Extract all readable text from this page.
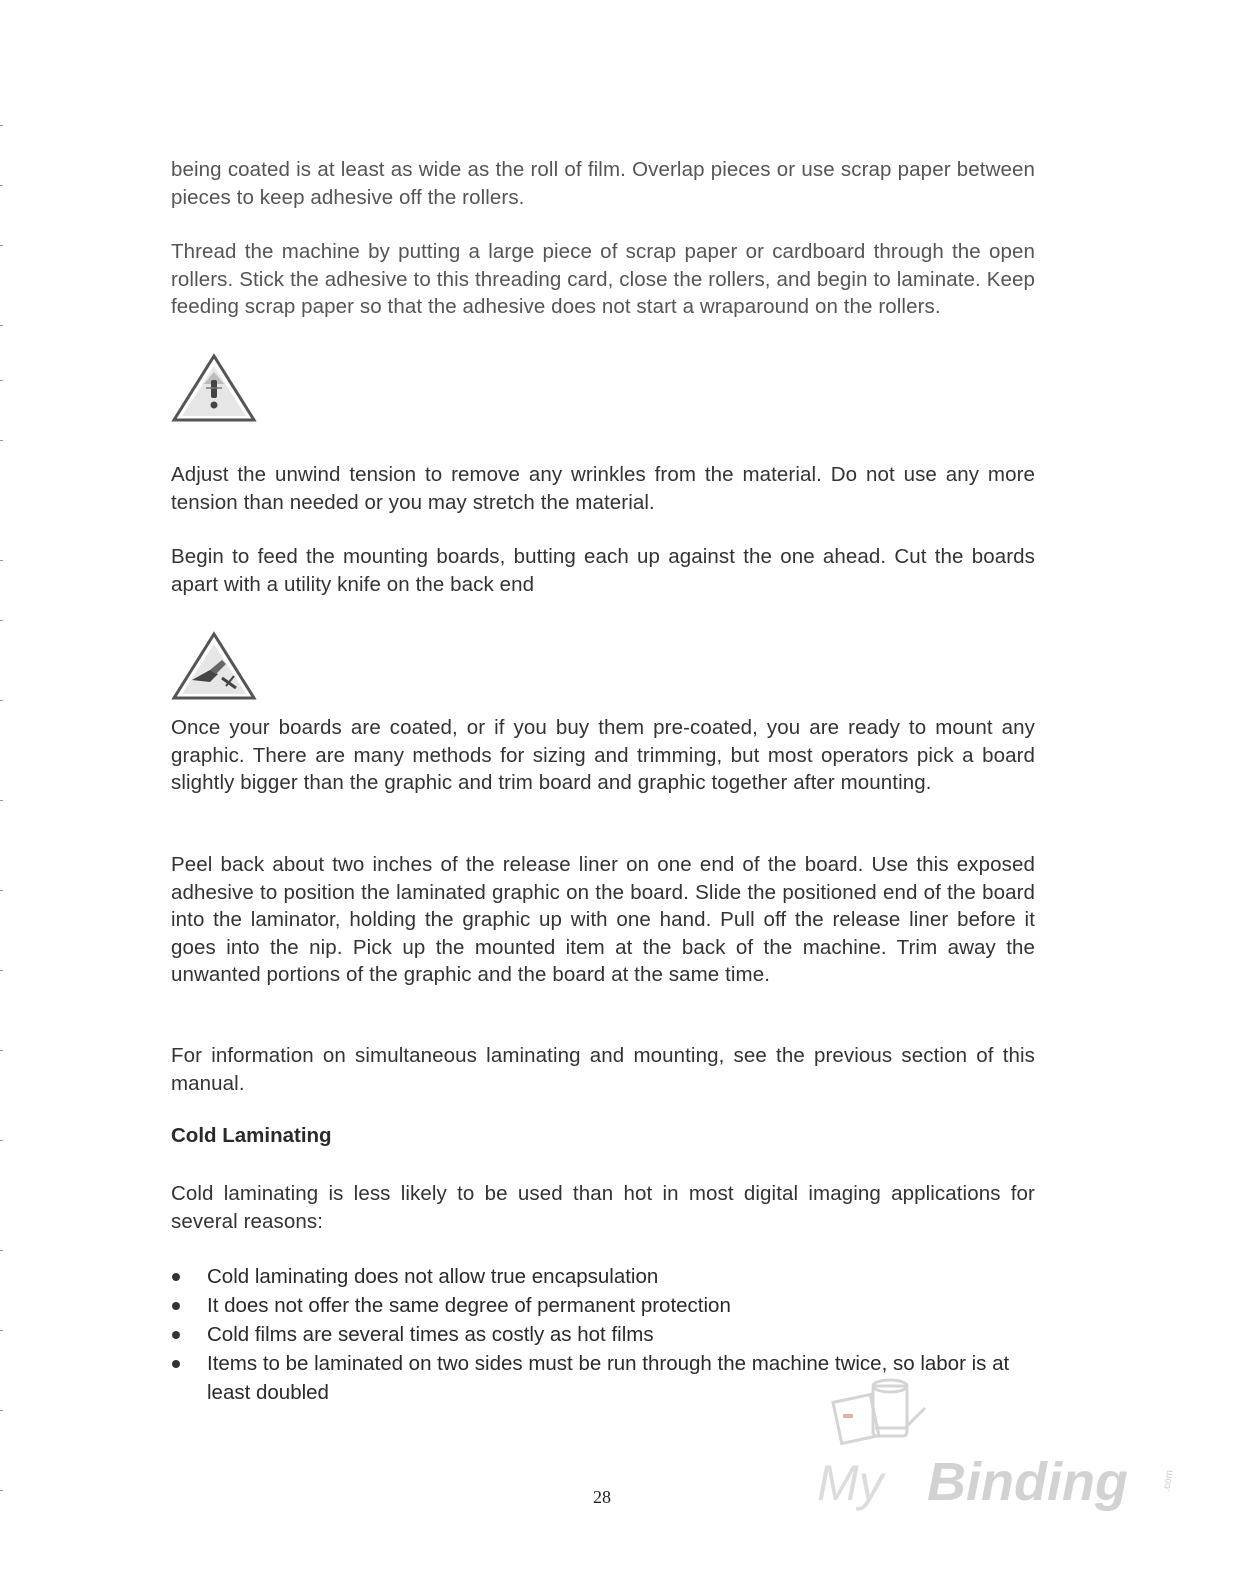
being coated is at least as wide as the roll of film. Overlap pieces or use scrap paper between pieces to keep adhesive off the rollers.

Thread the machine by putting a large piece of scrap paper or cardboard through the open rollers. Stick the adhesive to this threading card, close the rollers, and begin to laminate. Keep feeding scrap paper so that the adhesive does not start a wraparound on the rollers.

Adjust the unwind tension to remove any wrinkles from the material. Do not use any more tension than needed or you may stretch the material.

Begin to feed the mounting boards, butting each up against the one ahead. Cut the boards apart with a utility knife on the back end

Once your boards are coated, or if you buy them pre-coated, you are ready to mount any graphic. There are many methods for sizing and trimming, but most operators pick a board slightly bigger than the graphic and trim board and graphic together after mounting.

Peel back about two inches of the release liner on one end of the board. Use this exposed adhesive to position the laminated graphic on the board. Slide the positioned end of the board into the laminator, holding the graphic up with one hand. Pull off the release liner before it goes into the nip. Pick up the mounted item at the back of the machine. Trim away the unwanted portions of the graphic and the board at the same time.

For information on simultaneous laminating and mounting, see the previous section of this manual.

Cold Laminating

Cold laminating is less likely to be used than hot in most digital imaging applications for several reasons:

Cold laminating does not allow true encapsulation
It does not offer the same degree of permanent protection
Cold films are several times as costly as hot films
Items to be laminated on two sides must be run through the machine twice, so labor is at least doubled
My Binding	.com
28
